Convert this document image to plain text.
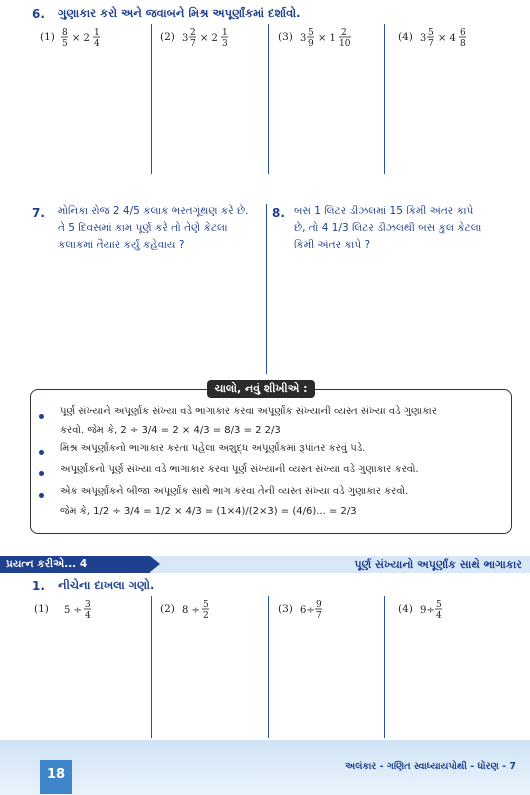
6. ગુણાકાર કરો અને જવાબને મિશ્ર અપૂર્ણાંકમાં દર્શાવો.
(1) 8
5 × 2 1
4
(2) 3 2
7 × 2 1
3
(3) 3 5
9 × 1 2
10
(4) 3 5
7 × 4 6
8
7. મોનિકા રોજ 2 4/5 કલાક ભરતગૂંથણ કરે છે.
તે 5 દિવસમાં કામ પૂર્ણ કરે તો તેણે કેટલા
કલાકમાં તૈયાર કર્યું કહેવાય ?
8. બસ 1 લિટર ડીઝલમાં 15 કિમી અંતર કાપે
છે, તો 4 1/3 લિટર ડીઝલથી બસ કુલ કેટલા
કિમી અંતર કાપે ?
ચાલો, નવું શીખીએ :
પૂર્ણ સંખ્યાને અપૂર્ણાંક સંખ્યા વડે ભાગાકાર કરવા અપૂર્ણાંક સંખ્યાની વ્યસ્ત સંખ્યા વડે ગુણાકાર
કરવો. જેમ કે, 2 ÷ 3/4 = 2 × 4/3 = 8/3 = 2 2/3
મિશ્ર અપૂર્ણાંકનો ભાગાકાર કરતા પહેલા અશુદ્ધ અપૂર્ણાંકમાં રૂપાંતર કરવું પડે.
અપૂર્ણાંકનો પૂર્ણ સંખ્યા વડે ભાગાકાર કરવા પૂર્ણ સંખ્યાની વ્યસ્ત સંખ્યા વડે ગુણાકાર કરવો.
એક અપૂર્ણાંકને બીજા અપૂર્ણાંક સાથે ભાગ કરવા તેની વ્યસ્ત સંખ્યા વડે ગુણાકાર કરવો.
જેમ કે, 1/2 ÷ 3/4 = 1/2 × 4/3 = (1×4)/(2×3) = (4/6)... = 2/3
પ્રયત્ન કરીએ... 4	પૂર્ણ સંખ્યાનો અપૂર્ણાંક સાથે ભાગાકાર
1. નીચેના દાખલા ગણો.
(1) 5 ÷ 3
4
(2) 8 ÷ 5
2
(3) 6÷ 9
7
(4) 9÷ 5
4
18
અલંકાર - ગણિત સ્વાધ્યાયપોથી - ધોરણ - 7
